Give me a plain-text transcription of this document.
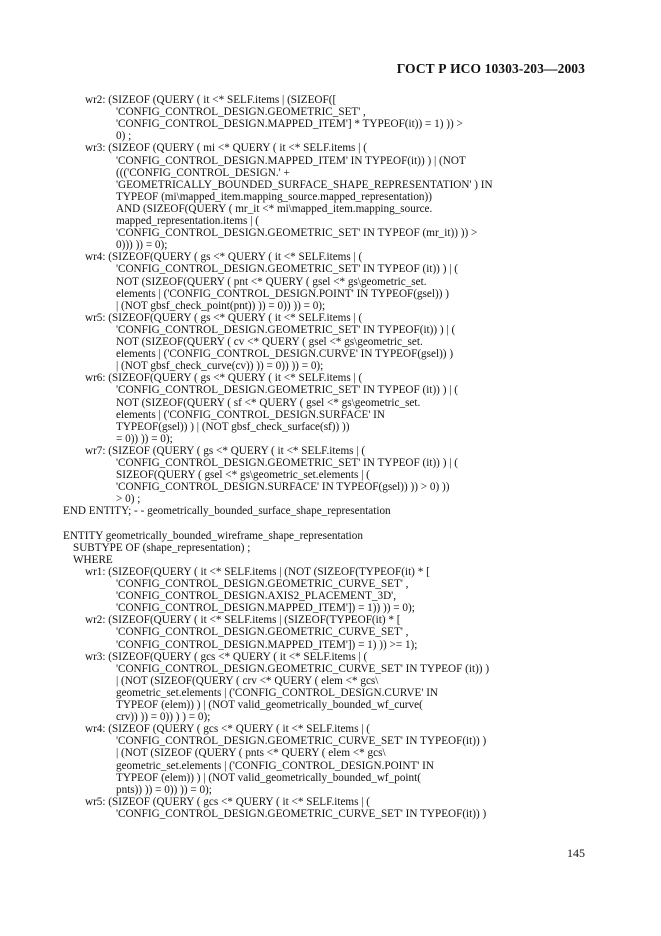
ГОСТ Р ИСО 10303-203—2003
wr2: (SIZEOF (QUERY ( it <* SELF.items | (SIZEOF([
'CONFIG_CONTROL_DESIGN.GEOMETRIC_SET' ,
'CONFIG_CONTROL_DESIGN.MAPPED_ITEM'] * TYPEOF(it)) = 1) )) >
0) ;
wr3: (SIZEOF (QUERY ( mi <* QUERY ( it <* SELF.items | (
'CONFIG_CONTROL_DESIGN.MAPPED_ITEM' IN TYPEOF(it)) ) | (NOT
((('CONFIG_CONTROL_DESIGN.' +
'GEOMETRICALLY_BOUNDED_SURFACE_SHAPE_REPRESENTATION' ) IN
TYPEOF (mi\mapped_item.mapping_source.mapped_representation))
AND (SIZEOF(QUERY ( mr_it <* mi\mapped_item.mapping_source.
mapped_representation.items | (
'CONFIG_CONTROL_DESIGN.GEOMETRIC_SET' IN TYPEOF (mr_it)) )) >
0))) )) = 0);
wr4: (SIZEOF(QUERY ( gs <* QUERY ( it <* SELF.items | (
'CONFIG_CONTROL_DESIGN.GEOMETRIC_SET' IN TYPEOF (it)) ) | (
NOT (SIZEOF(QUERY ( pnt <* QUERY ( gsel <* gs\geometric_set.
elements | ('CONFIG_CONTROL_DESIGN.POINT' IN TYPEOF(gsel)) )
| (NOT gbsf_check_point(pnt)) )) = 0)) )) = 0);
wr5: (SIZEOF(QUERY ( gs <* QUERY ( it <* SELF.items | (
'CONFIG_CONTROL_DESIGN.GEOMETRIC_SET' IN TYPEOF(it)) ) | (
NOT (SIZEOF(QUERY ( cv <* QUERY ( gsel <* gs\geometric_set.
elements | ('CONFIG_CONTROL_DESIGN.CURVE' IN TYPEOF(gsel)) )
| (NOT gbsf_check_curve(cv)) )) = 0)) )) = 0);
wr6: (SIZEOF(QUERY ( gs <* QUERY ( it <* SELF.items | (
'CONFIG_CONTROL_DESIGN.GEOMETRIC_SET' IN TYPEOF (it)) ) | (
NOT (SIZEOF(QUERY ( sf <* QUERY ( gsel <* gs\geometric_set.
elements | ('CONFIG_CONTROL_DESIGN.SURFACE' IN
TYPEOF(gsel)) ) | (NOT gbsf_check_surface(sf)) ))
= 0)) )) = 0);
wr7: (SIZEOF (QUERY ( gs <* QUERY ( it <* SELF.items | (
'CONFIG_CONTROL_DESIGN.GEOMETRIC_SET' IN TYPEOF (it)) ) | (
SIZEOF(QUERY ( gsel <* gs\geometric_set.elements | (
'CONFIG_CONTROL_DESIGN.SURFACE' IN TYPEOF(gsel)) )) > 0) ))
> 0) ;
END ENTITY; - - geometrically_bounded_surface_shape_representation
ENTITY geometrically_bounded_wireframe_shape_representation
SUBTYPE OF (shape_representation) ;
WHERE
wr1: (SIZEOF(QUERY ( it <* SELF.items | (NOT (SIZEOF(TYPEOF(it) * [
'CONFIG_CONTROL_DESIGN.GEOMETRIC_CURVE_SET' ,
'CONFIG_CONTROL_DESIGN.AXIS2_PLACEMENT_3D',
'CONFIG_CONTROL_DESIGN.MAPPED_ITEM']) = 1)) )) = 0);
wr2: (SIZEOF(QUERY ( it <* SELF.items | (SIZEOF(TYPEOF(it) * [
'CONFIG_CONTROL_DESIGN.GEOMETRIC_CURVE_SET' ,
'CONFIG_CONTROL_DESIGN.MAPPED_ITEM']) = 1) )) >= 1);
wr3: (SIZEOF(QUERY ( gcs <* QUERY ( it <* SELF.items | (
'CONFIG_CONTROL_DESIGN.GEOMETRIC_CURVE_SET' IN TYPEOF (it)) )
| (NOT (SIZEOF(QUERY ( crv <* QUERY ( elem <* gcs\
geometric_set.elements | ('CONFIG_CONTROL_DESIGN.CURVE' IN
TYPEOF (elem)) ) | (NOT valid_geometrically_bounded_wf_curve(
crv)) )) = 0)) ) ) = 0);
wr4: (SIZEOF (QUERY ( gcs <* QUERY ( it <* SELF.items | (
'CONFIG_CONTROL_DESIGN.GEOMETRIC_CURVE_SET' IN TYPEOF(it)) )
| (NOT (SIZEOF (QUERY ( pnts <* QUERY ( elem <* gcs\
geometric_set.elements | ('CONFIG_CONTROL_DESIGN.POINT' IN
TYPEOF (elem)) ) | (NOT valid_geometrically_bounded_wf_point(
pnts)) )) = 0)) )) = 0);
wr5: (SIZEOF (QUERY ( gcs <* QUERY ( it <* SELF.items | (
'CONFIG_CONTROL_DESIGN.GEOMETRIC_CURVE_SET' IN TYPEOF(it)) )
145
